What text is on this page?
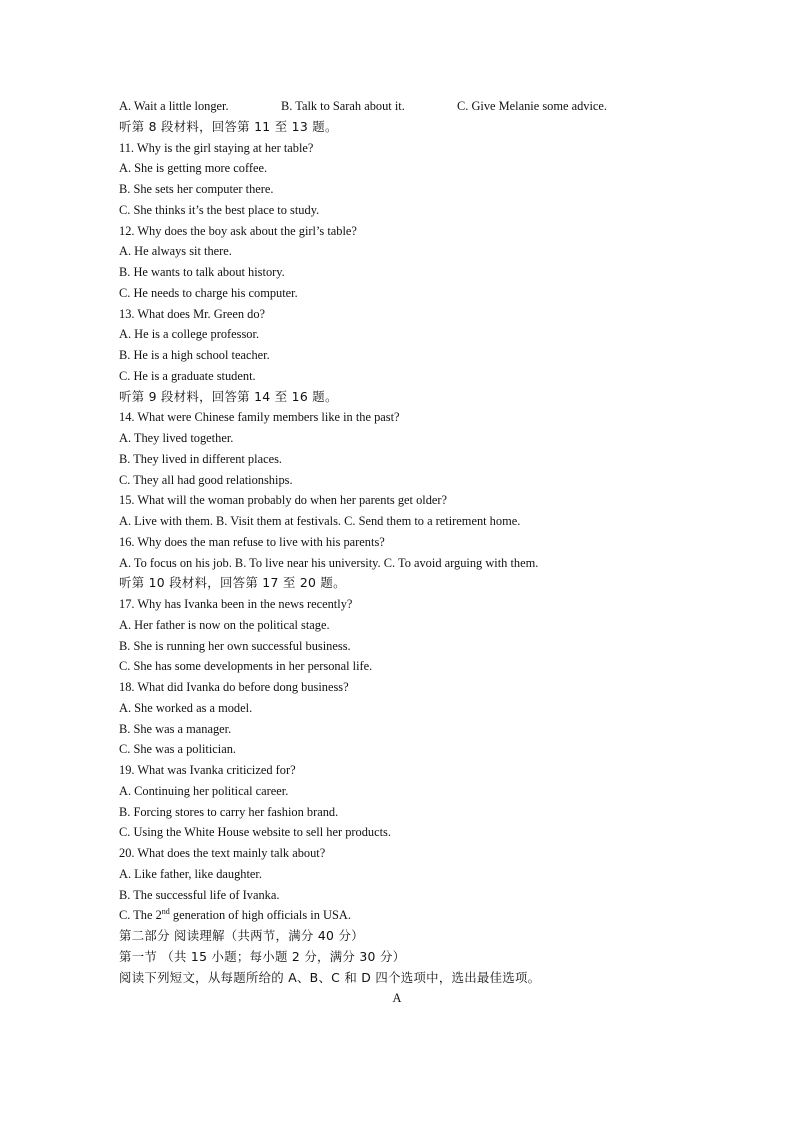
A. Wait a little longer.	B. Talk to Sarah about it.	C. Give Melanie some advice.
听第 8 段材料，回答第 11 至 13 题。
11. Why is the girl staying at her table?
A. She is getting more coffee.
B. She sets her computer there.
C. She thinks it’s the best place to study.
12. Why does the boy ask about the girl’s table?
A. He always sit there.
B. He wants to talk about history.
C. He needs to charge his computer.
13. What does Mr. Green do?
A. He is a college professor.
B. He is a high school teacher.
C. He is a graduate student.
听第 9 段材料，回答第 14 至 16 题。
14. What were Chinese family members like in the past?
A. They lived together.
B. They lived in different places.
C. They all had good relationships.
15. What will the woman probably do when her parents get older?
A. Live with them. B. Visit them at festivals. C. Send them to a retirement home.
16. Why does the man refuse to live with his parents?
A. To focus on his job. B. To live near his university. C. To avoid arguing with them.
听第 10 段材料，回答第 17 至 20 题。
17. Why has Ivanka been in the news recently?
A. Her father is now on the political stage.
B. She is running her own successful business.
C. She has some developments in her personal life.
18. What did Ivanka do before dong business?
A. She worked as a model.
B. She was a manager.
C. She was a politician.
19. What was Ivanka criticized for?
A. Continuing her political career.
B. Forcing stores to carry her fashion brand.
C. Using the White House website to sell her products.
20. What does the text mainly talk about?
A. Like father, like daughter.
B. The successful life of Ivanka.
C. The 2nd generation of high officials in USA.
第二部分 阅读理解（共两节，满分 40 分）
第一节 （共 15 小题；每小题 2 分，满分 30 分）
阅读下列短文，从每题所给的 A、B、C 和 D 四个选项中，选出最佳选项。
A
